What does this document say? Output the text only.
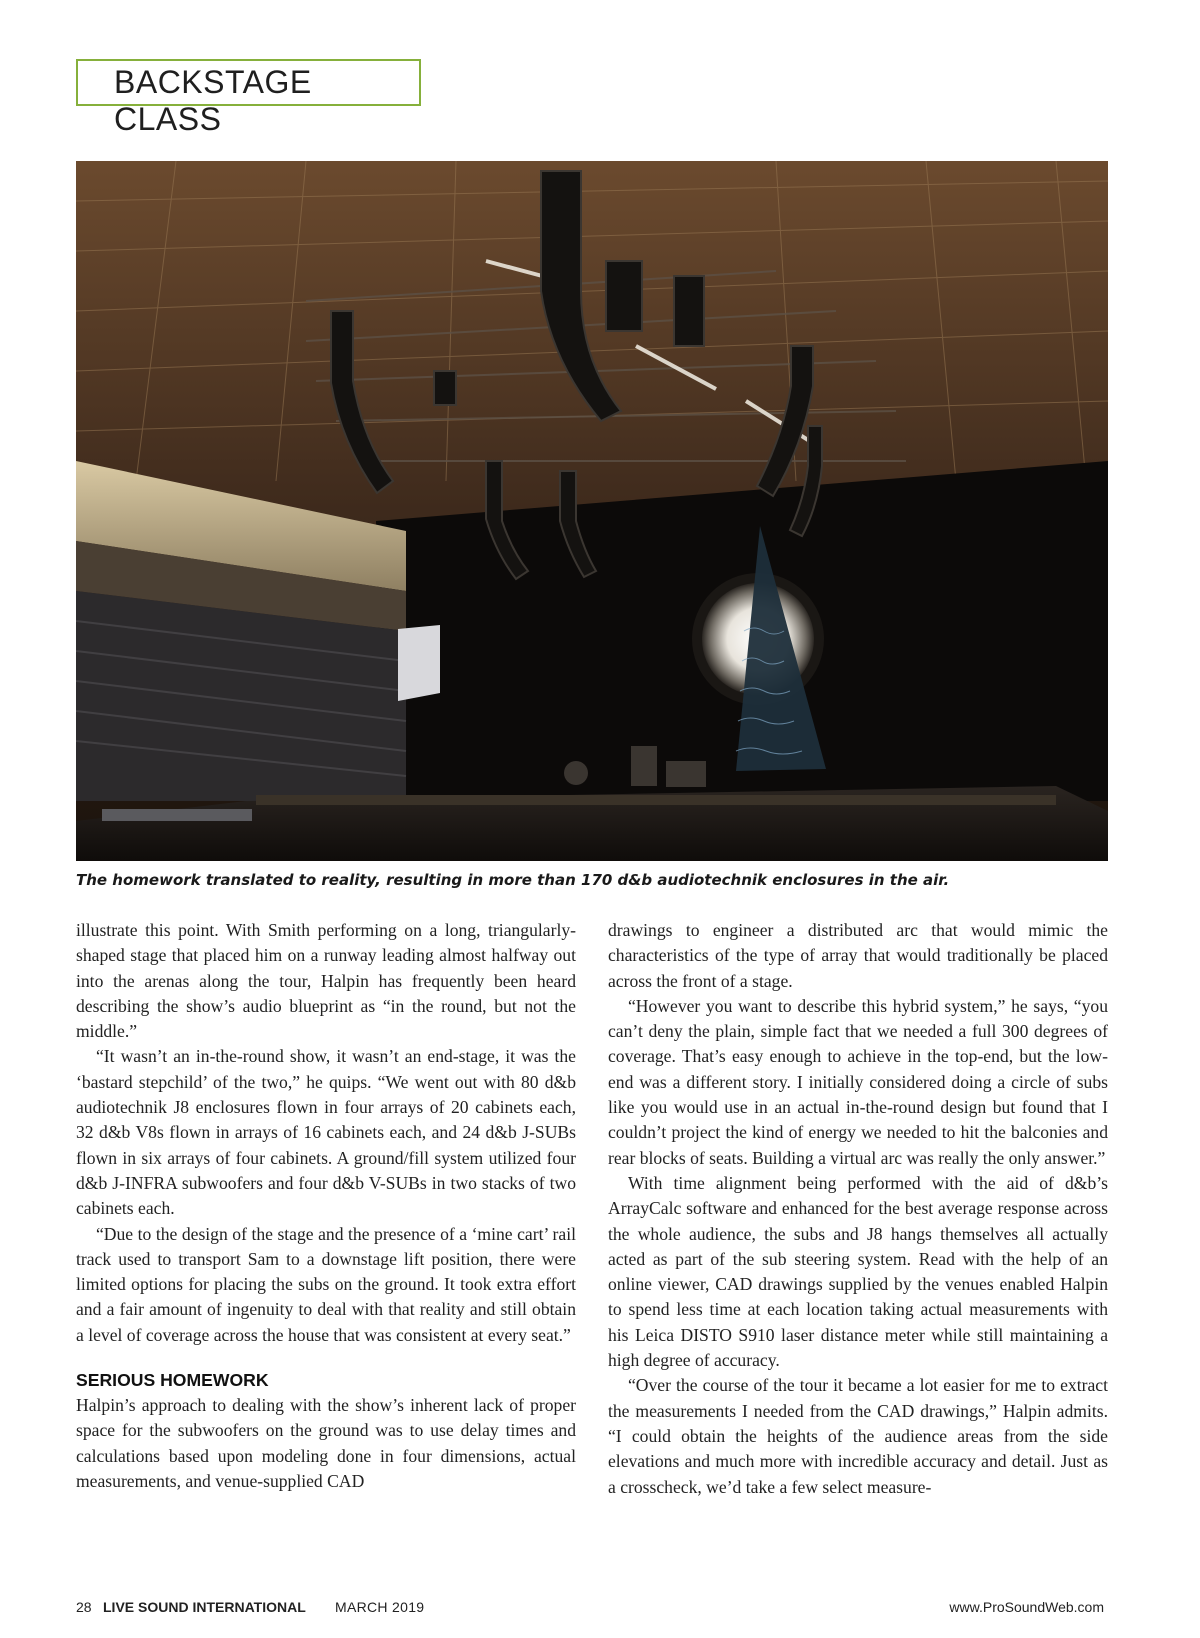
BACKSTAGE CLASS
The homework translated to reality, resulting in more than 170 d&b audiotechnik enclosures in the air.

illustrate this point. With Smith performing on a long, triangularly-shaped stage that placed him on a runway leading almost halfway out into the arenas along the tour, Halpin has frequently been heard describing the show’s audio blueprint as “in the round, but not the middle.”

“It wasn’t an in-the-round show, it wasn’t an end-stage, it was the ‘bastard stepchild’ of the two,” he quips. “We went out with 80 d&b audiotechnik J8 enclosures flown in four arrays of 20 cabinets each, 32 d&b V8s flown in arrays of 16 cabinets each, and 24 d&b J-SUBs flown in six arrays of four cabinets. A ground/fill system utilized four d&b J-INFRA subwoofers and four d&b V-SUBs in two stacks of two cabinets each.

“Due to the design of the stage and the presence of a ‘mine cart’ rail track used to transport Sam to a downstage lift position, there were limited options for placing the subs on the ground. It took extra effort and a fair amount of ingenuity to deal with that reality and still obtain a level of coverage across the house that was consistent at every seat.”

SERIOUS HOMEWORK

Halpin’s approach to dealing with the show’s inherent lack of proper space for the subwoofers on the ground was to use delay times and calculations based upon modeling done in four dimensions, actual measurements, and venue-supplied CAD

drawings to engineer a distributed arc that would mimic the characteristics of the type of array that would traditionally be placed across the front of a stage.

“However you want to describe this hybrid system,” he says, “you can’t deny the plain, simple fact that we needed a full 300 degrees of coverage. That’s easy enough to achieve in the top-end, but the low-end was a different story. I initially considered doing a circle of subs like you would use in an actual in-the-round design but found that I couldn’t project the kind of energy we needed to hit the balconies and rear blocks of seats. Building a virtual arc was really the only answer.”

With time alignment being performed with the aid of d&b’s ArrayCalc software and enhanced for the best average response across the whole audience, the subs and J8 hangs themselves all actually acted as part of the sub steering system. Read with the help of an online viewer, CAD drawings supplied by the venues enabled Halpin to spend less time at each location taking actual measurements with his Leica DISTO S910 laser distance meter while still maintaining a high degree of accuracy.

“Over the course of the tour it became a lot easier for me to extract the measurements I needed from the CAD drawings,” Halpin admits. “I could obtain the heights of the audience areas from the side elevations and much more with incredible accuracy and detail. Just as a crosscheck, we’d take a few select measure-

28 LIVE SOUND INTERNATIONAL MARCH 2019	www.ProSoundWeb.com
